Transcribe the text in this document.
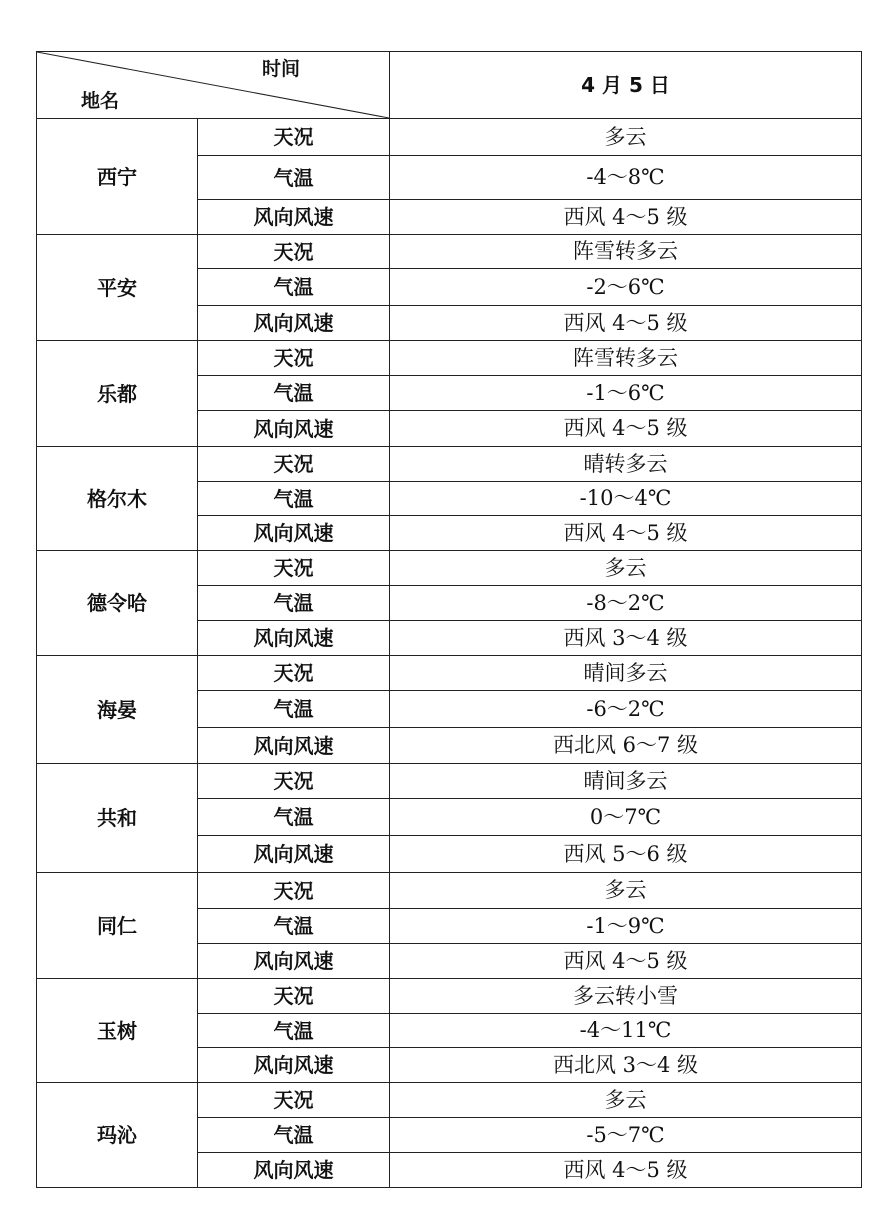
时间
地名		4 月 5 日
西宁	天况	多云
	气温	-4～8℃
	风向风速	西风 4～5 级
平安	天况	阵雪转多云
	气温	-2～6℃
	风向风速	西风 4～5 级
乐都	天况	阵雪转多云
	气温	-1～6℃
	风向风速	西风 4～5 级
格尔木	天况	晴转多云
	气温	-10～4℃
	风向风速	西风 4～5 级
德令哈	天况	多云
	气温	-8～2℃
	风向风速	西风 3～4 级
海晏	天况	晴间多云
	气温	-6～2℃
	风向风速	西北风 6～7 级
共和	天况	晴间多云
	气温	0～7℃
	风向风速	西风 5～6 级
同仁	天况	多云
	气温	-1～9℃
	风向风速	西风 4～5 级
玉树	天况	多云转小雪
	气温	-4～11℃
	风向风速	西北风 3～4 级
玛沁	天况	多云
	气温	-5～7℃
	风向风速	西风 4～5 级
